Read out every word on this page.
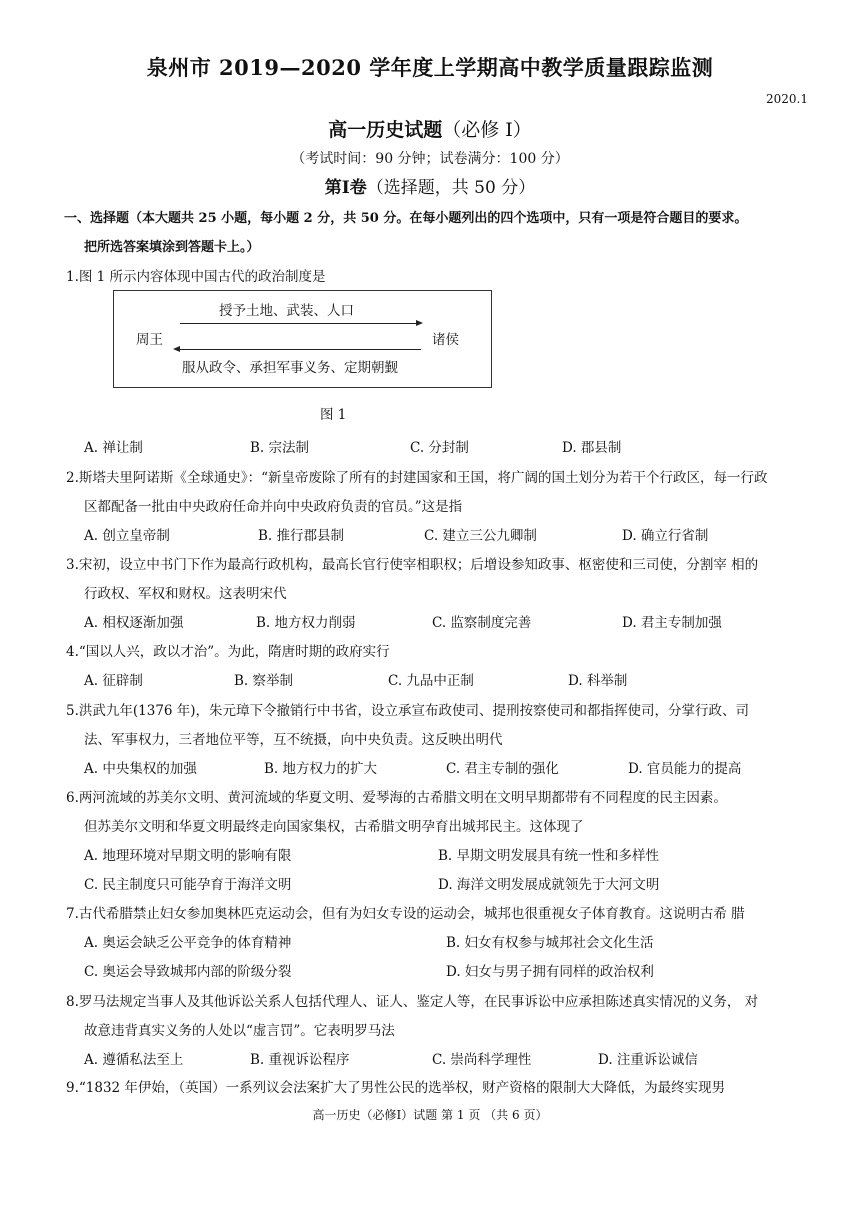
泉州市 2019—2020 学年度上学期高中教学质量跟踪监测
2020.1
高一历史试题（必修 Ⅰ）
（考试时间：90 分钟；试卷满分：100 分）
第Ⅰ卷（选择题，共 50 分）
一、选择题（本大题共 25 小题，每小题 2 分，共 50 分。在每小题列出的四个选项中，只有一项是符合题目的要求。
把所选答案填涂到答题卡上。）
1.图 1 所示内容体现中国古代的政治制度是
授予土地、武装、人口
周王	诸侯
服从政令、承担军事义务、定期朝觐
图 1
A. 禅让制	B. 宗法制	C. 分封制	D. 郡县制
2.斯塔夫里阿诺斯《全球通史》：“新皇帝废除了所有的封建国家和王国，将广阔的国土划分为若干个行政区，每一行政
区都配备一批由中央政府任命并向中央政府负责的官员。”这是指
A. 创立皇帝制	B. 推行郡县制	C. 建立三公九卿制	D. 确立行省制
3.宋初，设立中书门下作为最高行政机构，最高长官行使宰相职权；后增设参知政事、枢密使和三司使，分割宰 相的
行政权、军权和财权。这表明宋代
A. 相权逐渐加强	B. 地方权力削弱	C. 监察制度完善	D. 君主专制加强
4.“国以人兴，政以才治”。为此，隋唐时期的政府实行
A. 征辟制	B. 察举制	C. 九品中正制	D. 科举制
5.洪武九年(1376 年)，朱元璋下令撤销行中书省，设立承宣布政使司、提刑按察使司和都指挥使司，分掌行政、司
法、军事权力，三者地位平等，互不统摄，向中央负责。这反映出明代
A. 中央集权的加强	B. 地方权力的扩大	C. 君主专制的强化	D. 官员能力的提高
6.两河流域的苏美尔文明、黄河流域的华夏文明、爱琴海的古希腊文明在文明早期都带有不同程度的民主因素。
但苏美尔文明和华夏文明最终走向国家集权，古希腊文明孕育出城邦民主。这体现了
A. 地理环境对早期文明的影响有限	B. 早期文明发展具有统一性和多样性
C. 民主制度只可能孕育于海洋文明	D. 海洋文明发展成就领先于大河文明
7.古代希腊禁止妇女参加奥林匹克运动会，但有为妇女专设的运动会，城邦也很重视女子体育教育。这说明古希 腊
A. 奥运会缺乏公平竞争的体育精神	B. 妇女有权参与城邦社会文化生活
C. 奥运会导致城邦内部的阶级分裂	D. 妇女与男子拥有同样的政治权利
8.罗马法规定当事人及其他诉讼关系人包括代理人、证人、鉴定人等，在民事诉讼中应承担陈述真实情况的义务， 对
故意违背真实义务的人处以“虚言罚”。它表明罗马法
A. 遵循私法至上	B. 重视诉讼程序	C. 崇尚科学理性	D. 注重诉讼诚信
9.“1832 年伊始，（英国）一系列议会法案扩大了男性公民的选举权，财产资格的限制大大降低，为最终实现男
高一历史（必修Ⅰ）试题 第 1 页 （共 6 页）
